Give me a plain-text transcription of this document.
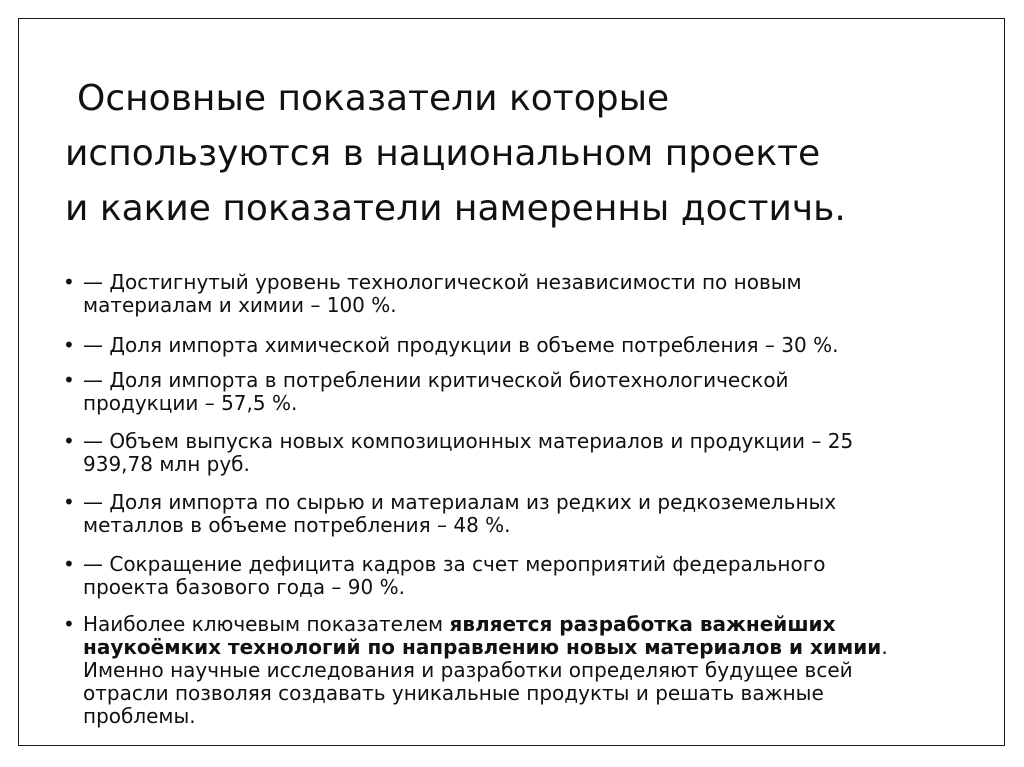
Основные показатели которые
используются в национальном проекте
и какие показатели намеренны достичь.
• — Достигнутый уровень технологической независимости по новым
материалам и химии – 100 %.
• — Доля импорта химической продукции в объеме потребления – 30 %.
• — Доля импорта в потреблении критической биотехнологической
продукции – 57,5 %.
• — Объем выпуска новых композиционных материалов и продукции – 25
939,78 млн руб.
• — Доля импорта по сырью и материалам из редких и редкоземельных
металлов в объеме потребления – 48 %.
• — Сокращение дефицита кадров за счет мероприятий федерального
проекта базового года – 90 %.
• Наиболее ключевым показателем является разработка важнейших
наукоёмких технологий по направлению новых материалов и химии.
Именно научные исследования и разработки определяют будущее всей
отрасли позволяя создавать уникальные продукты и решать важные
проблемы.
